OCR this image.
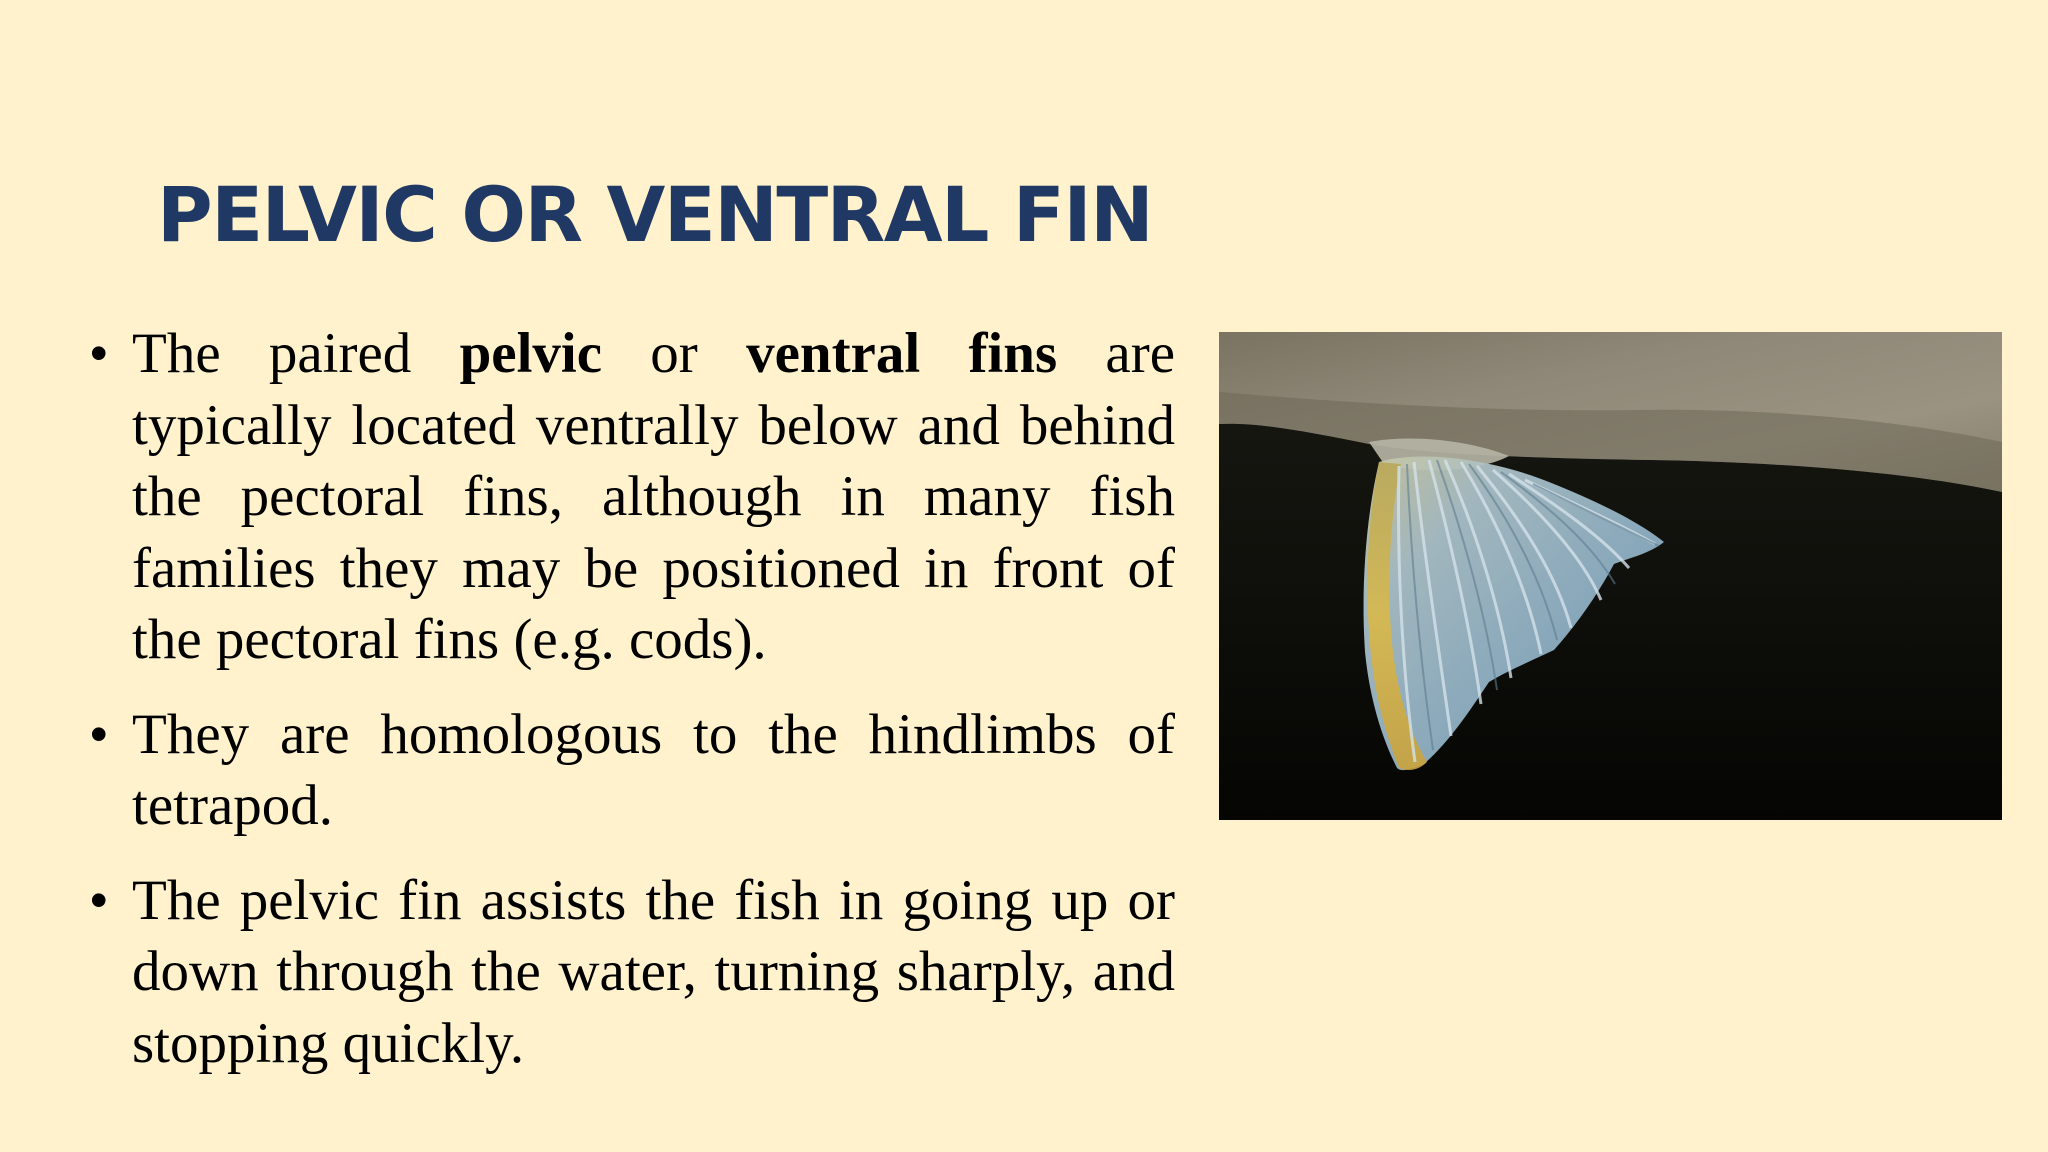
PELVIC OR VENTRAL FIN
• The paired pelvic or ventral fins are typically located ventrally below and behind the pectoral fins, although in many fish families they may be positioned in front of the pectoral fins (e.g. cods).
• They are homologous to the hindlimbs of tetrapod.
• The pelvic fin assists the fish in going up or down through the water, turning sharply, and stopping quickly.
